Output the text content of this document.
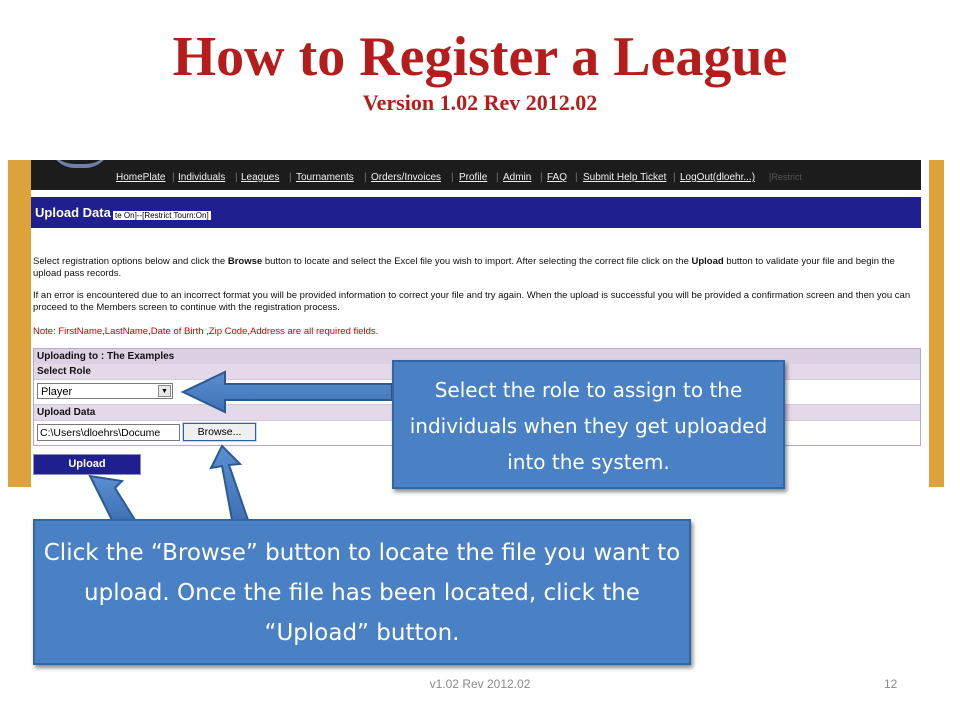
How to Register a League
Version 1.02 Rev 2012.02
HomePlate | Individuals | Leagues | Tournaments | Orders/Invoices | Profile | Admin | FAQ | Submit Help Ticket | LogOut(dloehr...) [Restrict
Upload Data te On]--[Restrict Tourn:On]
Select registration options below and click the Browse button to locate and select the Excel file you wish to import. After selecting the correct file click on the Upload button to validate your file and begin the upload pass records.
If an error is encountered due to an incorrect format you will be provided information to correct your file and try again. When the upload is successful you will be provided a confirmation screen and then you can proceed to the Members screen to continue with the registration process.
Note: FirstName,LastName,Date of Birth ,Zip Code,Address are all required fields.
Uploading to : The Examples
Select Role
Player	▼
Upload Data
C:\Users\dloehrs\Docume	Browse...
Upload
Select the role to assign to the individuals when they get uploaded into the system.
Click the “Browse” button to locate the file you want to upload. Once the file has been located, click the “Upload” button.
v1.02 Rev 2012.02	12
